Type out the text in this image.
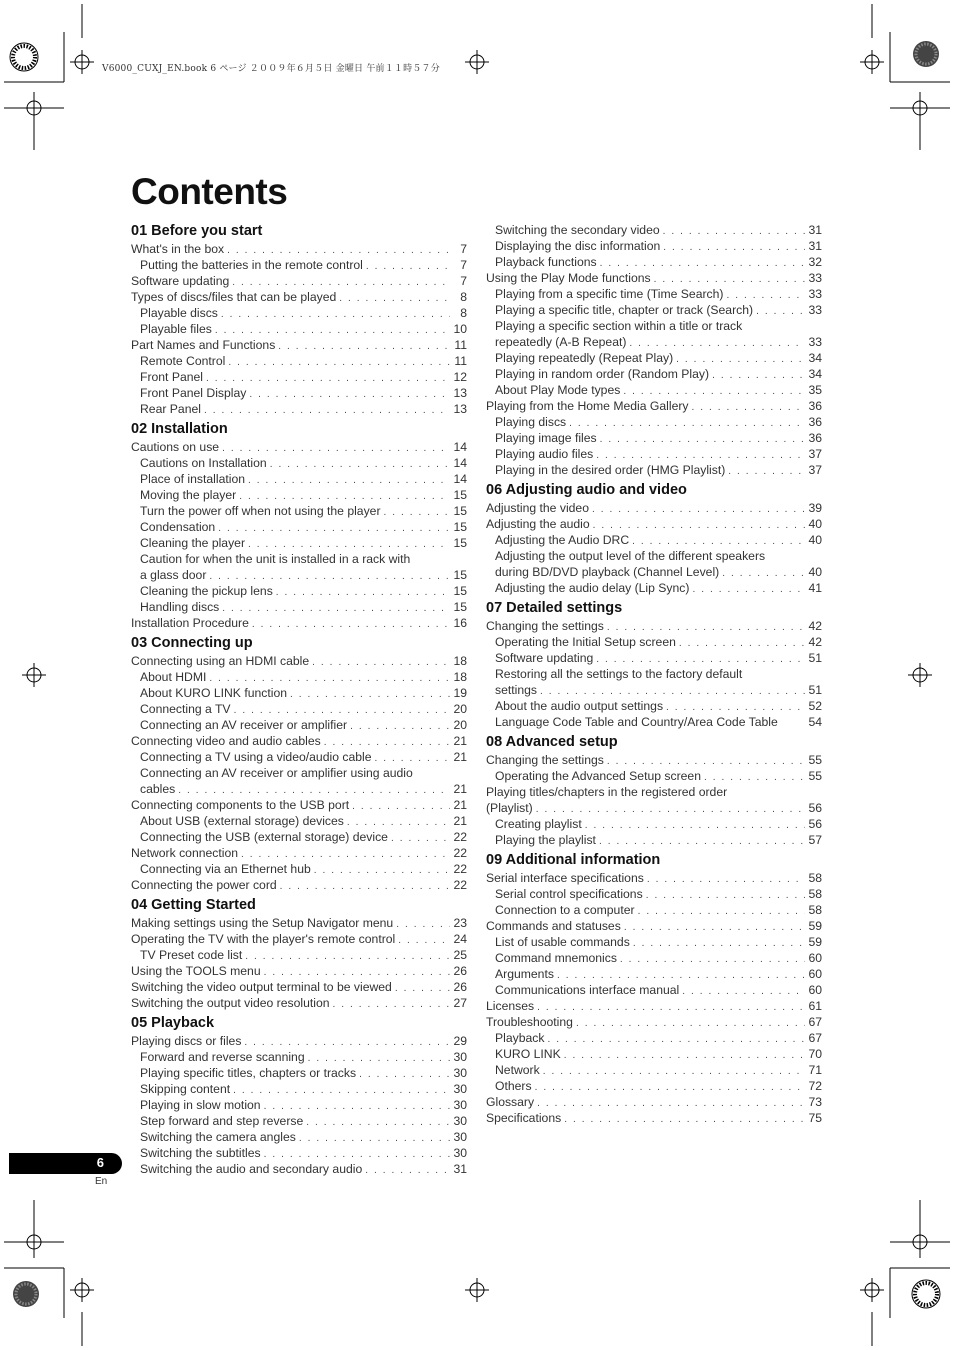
V6000_CUXJ_EN.book 6 ページ ２００９年６月５日 金曜日 午前１１時５７分
Contents
01 Before you start
What's in the box . . .	7
Putting the batteries in the remote control . . .	7
Software updating . . .	7
Types of discs/files that can be played . . .	8
Playable discs . . .	8
Playable files . . .	10
Part Names and Functions . . .	11
Remote Control . . .	11
Front Panel . . .	12
Front Panel Display . . .	13
Rear Panel . . .	13
02 Installation
Cautions on use . . .	14
Cautions on Installation . . .	14
Place of installation . . .	14
Moving the player . . .	15
Turn the power off when not using the player . . .	15
Condensation . . .	15
Cleaning the player . . .	15
Caution for when the unit is installed in a rack with
a glass door . . .	15
Cleaning the pickup lens . . .	15
Handling discs . . .	15
Installation Procedure . . .	16
03 Connecting up
Connecting using an HDMI cable . . .	18
About HDMI . . .	18
About KURO LINK function . . .	19
Connecting a TV . . .	20
Connecting an AV receiver or amplifier . . .	20
Connecting video and audio cables . . .	21
Connecting a TV using a video/audio cable . . .	21
Connecting an AV receiver or amplifier using audio
cables . . .	21
Connecting components to the USB port . . .	21
About USB (external storage) devices . . .	21
Connecting the USB (external storage) device . . .	22
Network connection . . .	22
Connecting via an Ethernet hub . . .	22
Connecting the power cord . . .	22
04 Getting Started
Making settings using the Setup Navigator menu . . .	23
Operating the TV with the player's remote control . . .	24
TV Preset code list . . .	25
Using the TOOLS menu . . .	26
Switching the video output terminal to be viewed . . .	26
Switching the output video resolution . . .	27
05 Playback
Playing discs or files . . .	29
Forward and reverse scanning . . .	30
Playing specific titles, chapters or tracks . . .	30
Skipping content . . .	30
Playing in slow motion . . .	30
Step forward and step reverse . . .	30
Switching the camera angles . . .	30
Switching the subtitles . . .	30
Switching the audio and secondary audio . . .	31
Switching the secondary video . . .	31
Displaying the disc information . . .	31
Playback functions . . .	32
Using the Play Mode functions . . .	33
Playing from a specific time (Time Search) . . .	33
Playing a specific title, chapter or track (Search) . . .	33
Playing a specific section within a title or track
repeatedly (A-B Repeat) . . .	33
Playing repeatedly (Repeat Play) . . .	34
Playing in random order (Random Play) . . .	34
About Play Mode types . . .	35
Playing from the Home Media Gallery . . .	36
Playing discs . . .	36
Playing image files . . .	36
Playing audio files . . .	37
Playing in the desired order (HMG Playlist) . . .	37
06 Adjusting audio and video
Adjusting the video . . .	39
Adjusting the audio . . .	40
Adjusting the Audio DRC . . .	40
Adjusting the output level of the different speakers
during BD/DVD playback (Channel Level) . . .	40
Adjusting the audio delay (Lip Sync) . . .	41
07 Detailed settings
Changing the settings . . .	42
Operating the Initial Setup screen . . .	42
Software updating . . .	51
Restoring all the settings to the factory default
settings . . .	51
About the audio output settings . . .	52
Language Code Table and Country/Area Code Table	54
08 Advanced setup
Changing the settings . . .	55
Operating the Advanced Setup screen . . .	55
Playing titles/chapters in the registered order
(Playlist) . . .	56
Creating playlist . . .	56
Playing the playlist . . .	57
09 Additional information
Serial interface specifications . . .	58
Serial control specifications . . .	58
Connection to a computer . . .	58
Commands and statuses . . .	59
List of usable commands . . .	59
Command mnemonics . . .	60
Arguments . . .	60
Communications interface manual . . .	60
Licenses . . .	61
Troubleshooting . . .	67
Playback . . .	67
KURO LINK . . .	70
Network . . .	71
Others . . .	72
Glossary . . .	73
Specifications . . .	75
6
En
